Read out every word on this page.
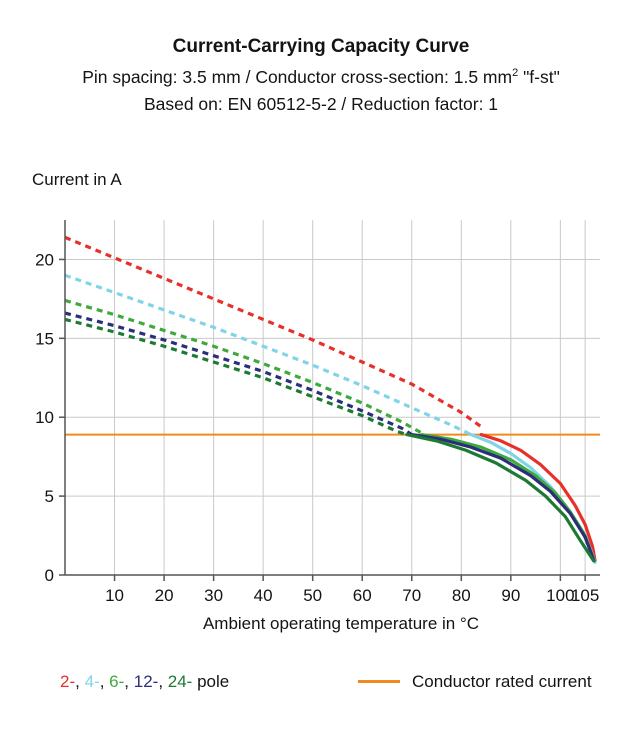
Current-Carrying Capacity Curve
Pin spacing: 3.5 mm / Conductor cross-section: 1.5 $mm^2$ "f-st"
Based on: EN 60512-5-2 / Reduction factor: 1
Current in A
0
5
10
15
20
10 20 30 40 50 60 70 80 90 100
105
Ambient operating temperature in °C
2-, 4-, 6-, 12-, 24- pole	Conductor rated current
